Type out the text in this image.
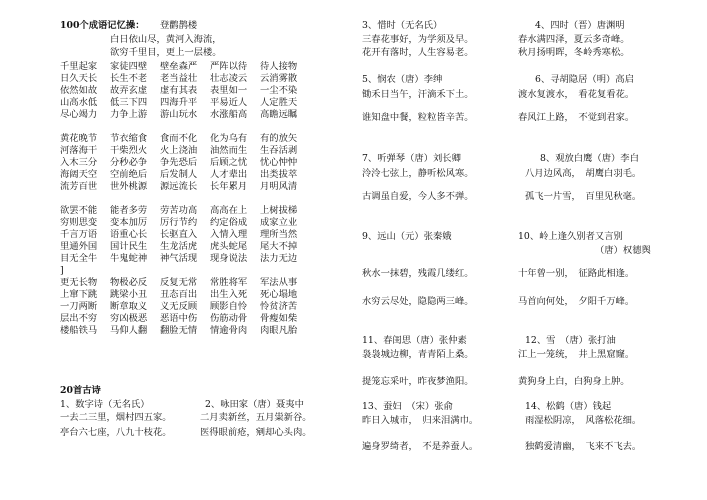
100个成语记忆操： 登鹳鹊楼
白日依山尽，黄河入海流，
欲穷千里目，更上一层楼。
千里起家	家徒四壁	壁垒森严	严阵以待	待人接物
日久天长	长生不老	老当益壮	壮志凌云	云消雾散
依然如故	故弄玄虚	虚有其表	表里如一	一尘不染
山高水低	低三下四	四海升平	平易近人	人定胜天
尽心竭力	力争上游	游山玩水	水涨船高	高瞻远瞩
黄花晚节	节衣缩食	食而不化	化为乌有	有的放矢
河落海干	干柴烈火	火上浇油	油然而生	生吞活剥
入木三分	分秒必争	争先恐后	后顾之忧	忧心忡忡
海阔天空	空前绝后	后发制人	人才辈出	出类拔萃
流芳百世	世外桃源	源远流长	长年累月	月明风清
欲罢不能	能者多劳	劳苦功高	高高在上	上树拔梯
穷则思变	变本加厉	厉行节约	约定俗成	成家立业
千言万语	语重心长	长驱直入	入情入理	理所当然
里通外国	国计民生	生龙活虎	虎头蛇尾	尾大不掉
目无全牛	牛鬼蛇神	神气活现	现身说法	法力无边
]
更无长物	物极必反	反复无常	常胜将军	军法从事
上窜下跳	跳梁小丑	丑态百出	出生入死	死心塌地
一刀两断	断章取义	义无反顾	顾影自怜	怜贫济苦
层出不穷	穷凶极恶	恶语中伤	伤筋动骨	骨瘦如柴
楼船铁马	马仰人翻	翻脸无情	情逾骨肉	肉眼凡胎
20首古诗
1、数字诗（无名氏）
一去二三里，烟村四五家。
亭台六七座，八九十枝花。
2、咏田家（唐）聂夷中
二月卖新丝，五月粜新谷。
医得眼前疮，剜却心头肉。
3、惜时（无名氏）
三春花事好，为学须及早。
花开有落时，人生容易老。
4、四时（晋）唐渊明
春水满四泽，夏云多奇峰。
秋月扬明晖，冬岭秀寒松。
5、悯农（唐）李绅
锄禾日当午，汗滴禾下土。
谁知盘中餐，粒粒皆辛苦。
6、寻胡隐居（明）高启
渡水复渡水，　看花复看花。
春风江上路，　不觉到君家。
7、听弹琴（唐）刘长卿
泠泠七弦上，静听松风寒。
古调虽自爱，今人多不弹。
8、观放白鹰（唐）李白
八月边风高，　胡鹰白羽毛。
孤飞一片雪，　百里见秋毫。
9、远山（元）张秦娥
秋水一抹碧，残霞几缕红。
水穷云尽处，隐隐两三峰。
10、岭上逢久别者又言别
（唐）权德舆
十年曾一别，　征路此相逢。
马首向何处，　夕阳千万峰。
11、春闺思（唐）张仲素
袅袅城边柳，青青陌上桑。
提笼忘采叶，昨夜梦渔阳。
12、雪　（唐）张打油
江上一笼统，　井上黑窟窿。
黄狗身上白，白狗身上肿。
13、蚕妇　（宋）张俞
昨日入城市，　归来泪满巾。
遍身罗绮者，　不是养蚕人。
14、松鹤（唐）钱起
雨湿松阴凉，　风落松花细。
独鹤爱清幽，　飞来不飞去。
